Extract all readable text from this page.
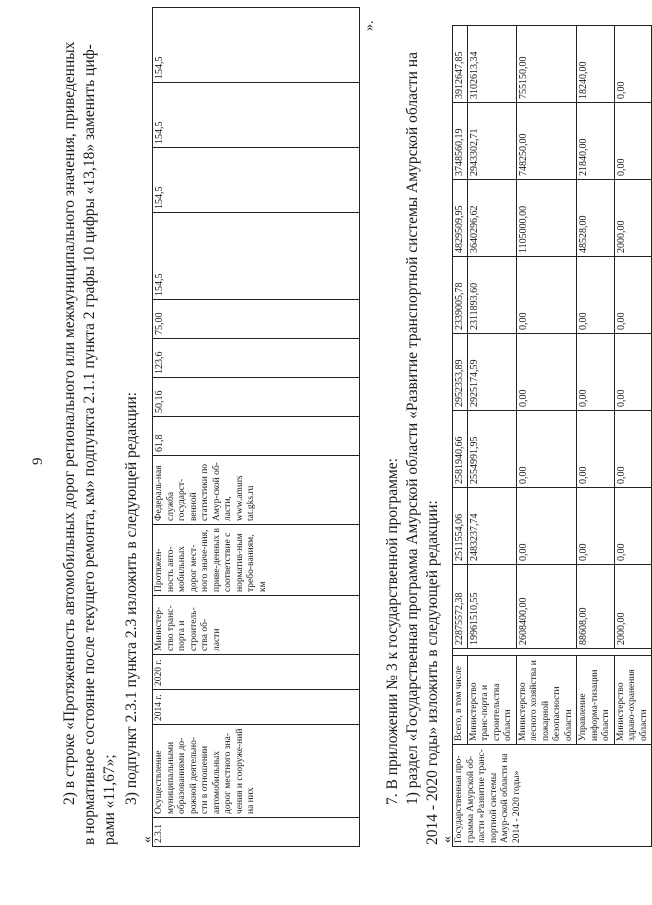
9 2) в строке «Протяженность автомобильных дорог регионального или межмуниципального значения, приведенных в нормативное состояние после текущего ремонта, км» подпункта 2.1.1 пункта 2 графы 10 цифры «13,18» заменить циф- рами «11,67»; 3) подпункт 2.3.1 пункта 2.3 изложить в следующей редакции:
« 2.3.1	Осуществление муниципальными образованиями до-рожной деятельно-сти в отношении автомобильных дорог местного зна-чения и сооруже-ний на них	2014 г.	2020 г.	Министер-ство транс-порта и строитель-ства об-ласти	Протяжен-ность авто-мобильных дорог мест-ного значе-ния, приве-денных в соответствие с норматив-ным требо-ваниям, км	Федераль-ная служба государст-венной статистики по Амур-ской об-ласти, www.amurs tat.gks.ru	61,8	50,16	123,6	75,00	154,5	154,5	154,5	154,5
».
7. В приложении № 3 к государственной программе: 1) раздел «Государственная программа Амурской области «Развитие транспортной системы Амурской области на 2014 - 2020 годы» изложить в следующей редакции: « Государственная про-грамма Амурской об-ласти «Развитие транс-портной системы Амур-ской области на 2014 - 2020 годы»	Всего, в том числе		22875572,38	2511554,06	2581940,66	2952353,89	2339005,78	4829509,95	3748560,19	3912647,85
	Министерство транс-порта и строительства области		19961510,55	2483237,74	2554991,95	2925174,59	2311893,60	3640296,62	2943302,71	3102613,34
	Министерство лесного хозяйства и пожарной безопасности области		2608400,00	0,00	0,00	0,00	0,00	1105000,00	748250,00	755150,00
	Управление информа-тизации области		88608,00	0,00	0,00	0,00	0,00	48528,00	21840,00	18240,00
	Министерство здраво-охранения области		2000,00	0,00	0,00	0,00	0,00	2000,00	0,00	0,00
